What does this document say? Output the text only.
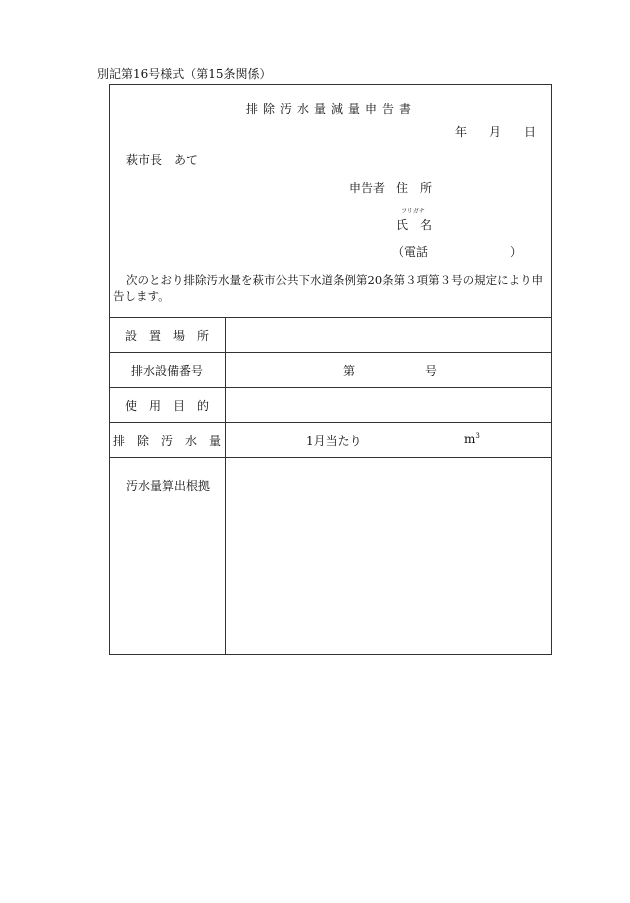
別記第16号様式（第15条関係）
排除汚水量減量申告書
年 月 日
萩市長　あて
申告者 住　所
フリガナ
氏　名
（電話	）
次のとおり排除汚水量を萩市公共下水道条例第20条第３項第３号の規定により申
告します。
設　置　場　所
排水設備番号	第	号
使　用　目　的
排　除　汚　水　量	1月当たり	$m^3$
汚水量算出根拠
